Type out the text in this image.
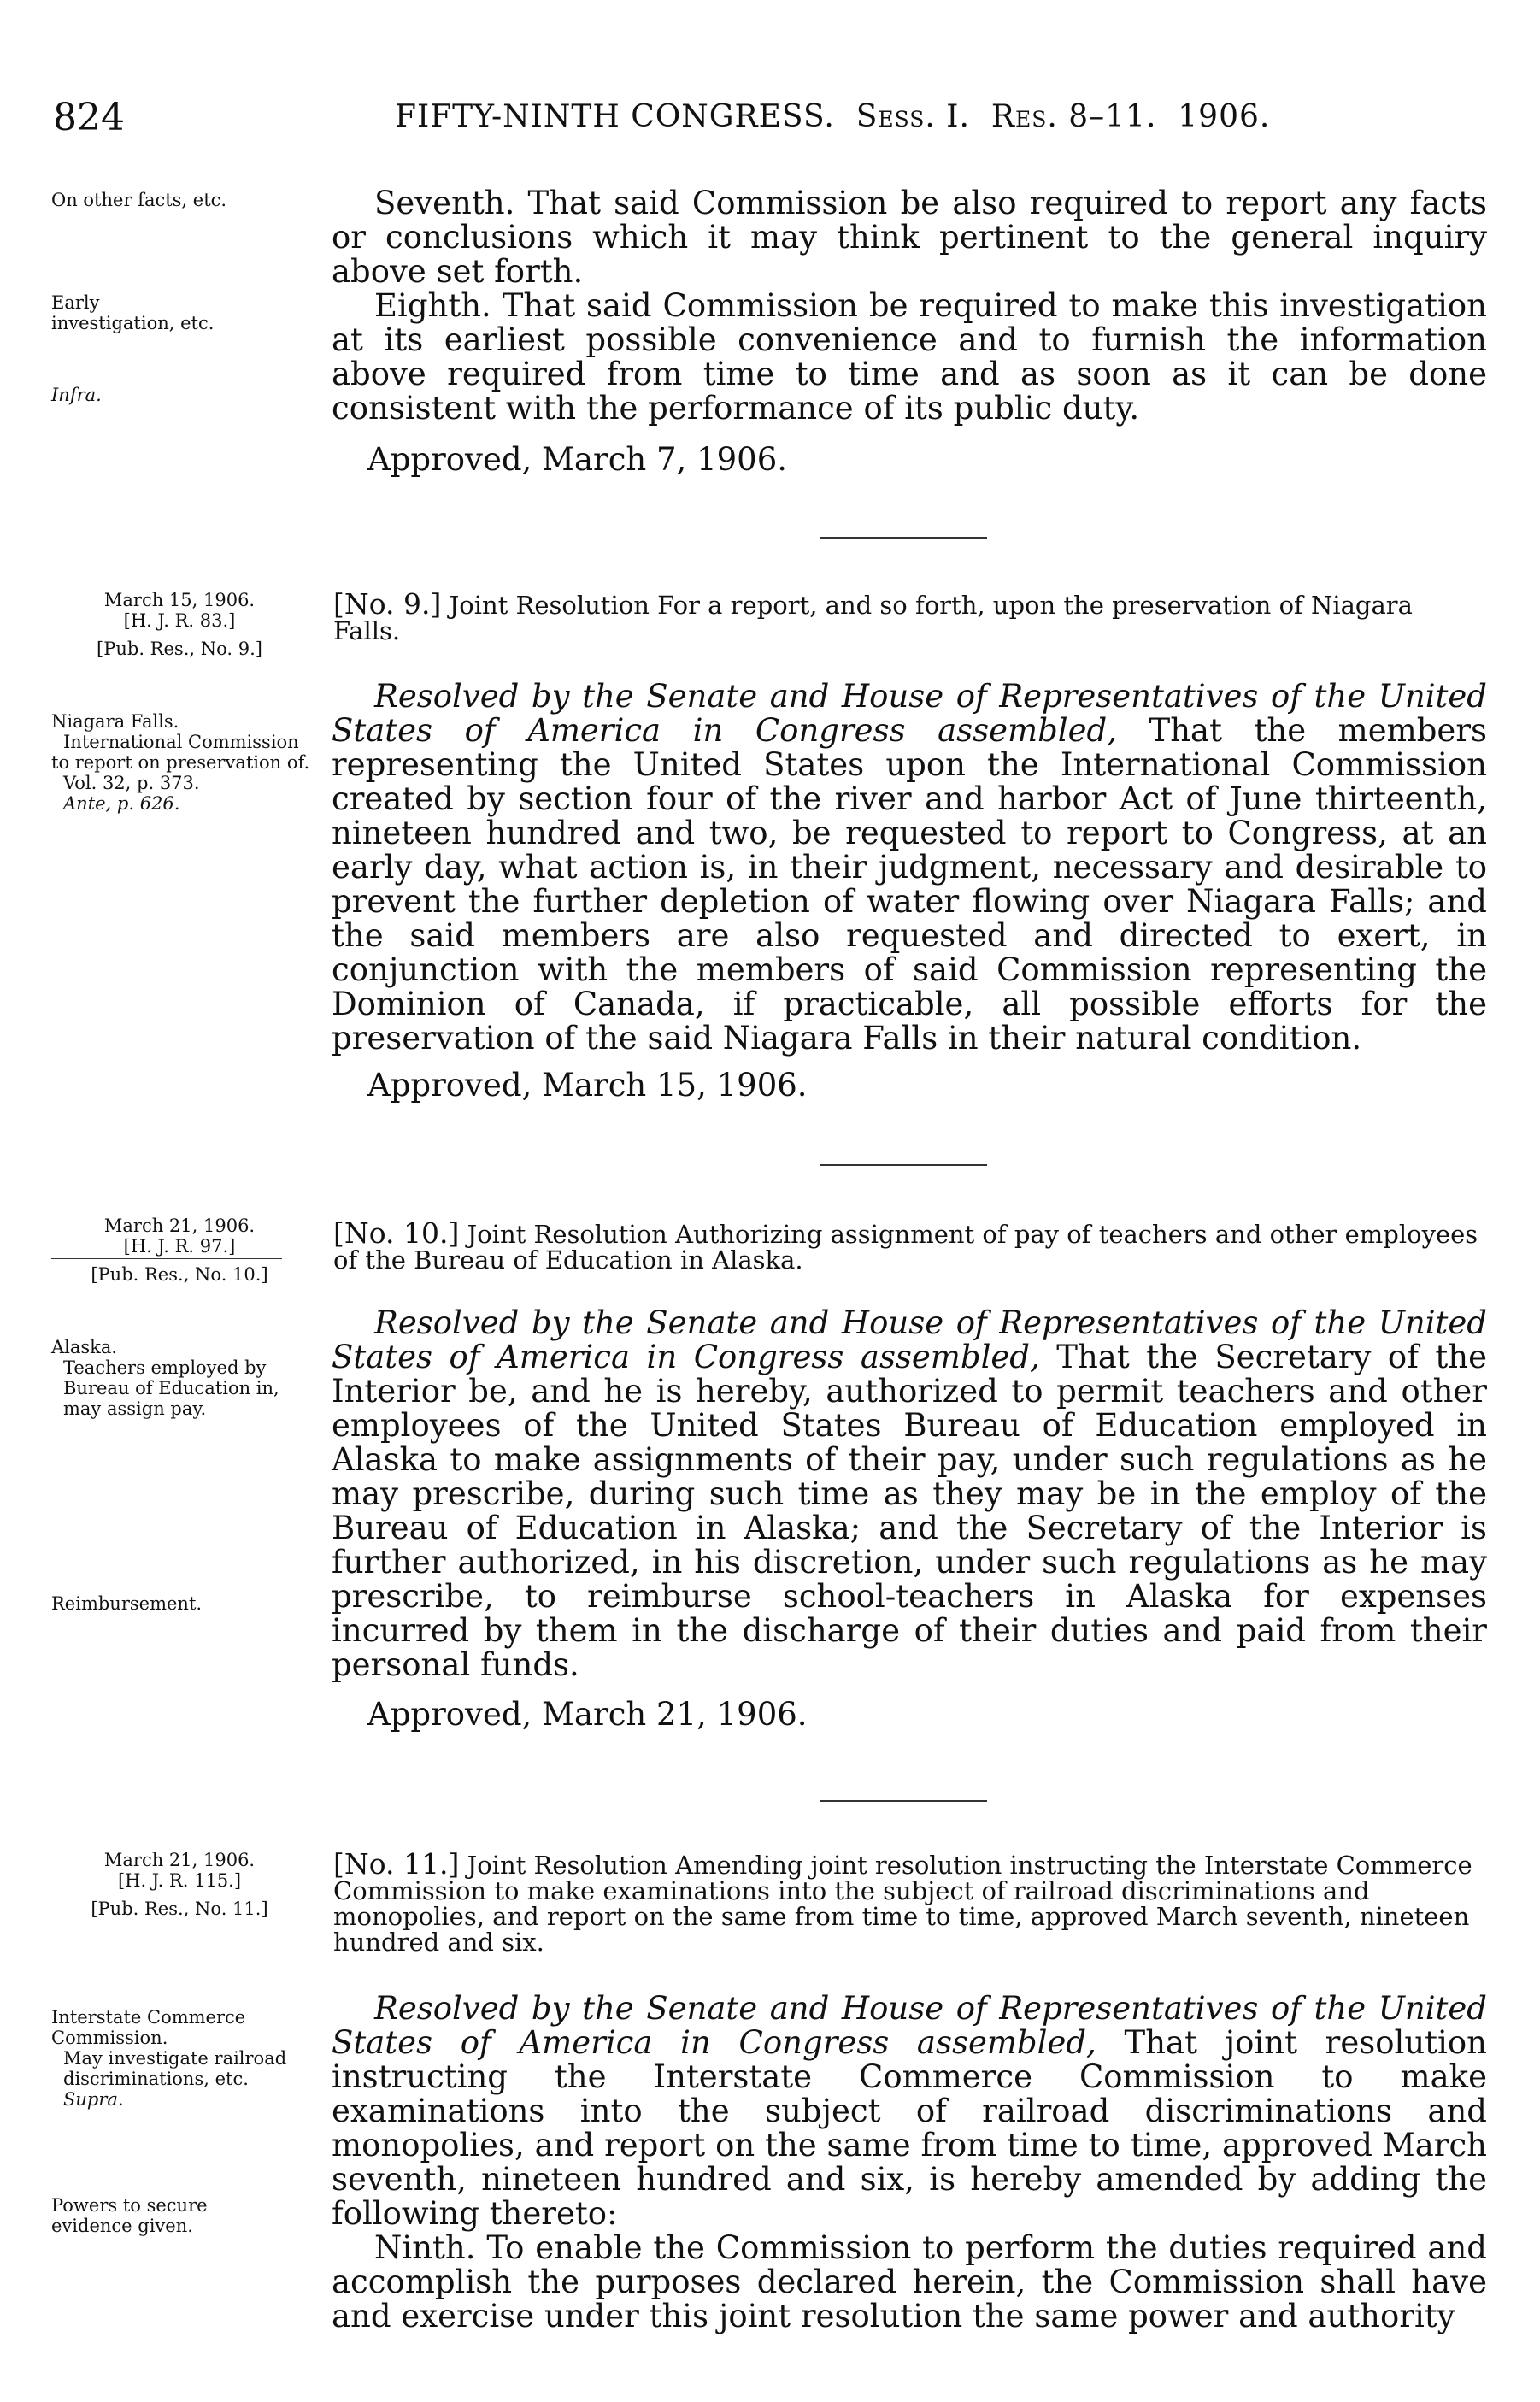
824	FIFTY-NINTH CONGRESS. Sess. I. Res. 8–11. 1906.

On other facts, etc.

Early investigation, etc.

Infra.

Seventh. That said Commission be also required to report any facts or conclusions which it may think pertinent to the general inquiry above set forth.

Eighth. That said Commission be required to make this investigation at its earliest possible convenience and to furnish the information above required from time to time and as soon as it can be done consistent with the performance of its public duty.

Approved, March 7, 1906.

March 15, 1906.

[H. J. R. 83.]

[Pub. Res., No. 9.]

[No. 9.] Joint Resolution For a report, and so forth, upon the preservation of Niagara Falls.

Niagara Falls.

International Commission to report on preservation of.

Vol. 32, p. 373.

Ante, p. 626.

Resolved by the Senate and House of Representatives of the United States of America in Congress assembled, That the members representing the United States upon the International Commission created by section four of the river and harbor Act of June thirteenth, nineteen hundred and two, be requested to report to Congress, at an early day, what action is, in their judgment, necessary and desirable to prevent the further depletion of water flowing over Niagara Falls; and the said members are also requested and directed to exert, in conjunction with the members of said Commission representing the Dominion of Canada, if practicable, all possible efforts for the preservation of the said Niagara Falls in their natural condition.

Approved, March 15, 1906.

March 21, 1906.

[H. J. R. 97.]

[Pub. Res., No. 10.]

[No. 10.] Joint Resolution Authorizing assignment of pay of teachers and other employees of the Bureau of Education in Alaska.

Alaska.

Teachers employed by Bureau of Education in, may assign pay.

Reimbursement.

Resolved by the Senate and House of Representatives of the United States of America in Congress assembled, That the Secretary of the Interior be, and he is hereby, authorized to permit teachers and other employees of the United States Bureau of Education employed in Alaska to make assignments of their pay, under such regulations as he may prescribe, during such time as they may be in the employ of the Bureau of Education in Alaska; and the Secretary of the Interior is further authorized, in his discretion, under such regulations as he may prescribe, to reimburse school-teachers in Alaska for expenses incurred by them in the discharge of their duties and paid from their personal funds.

Approved, March 21, 1906.

March 21, 1906.

[H. J. R. 115.]

[Pub. Res., No. 11.]

[No. 11.] Joint Resolution Amending joint resolution instructing the Interstate Commerce Commission to make examinations into the subject of railroad discriminations and monopolies, and report on the same from time to time, approved March seventh, nineteen hundred and six.

Interstate Commerce Commission.

May investigate railroad discriminations, etc.

Supra.

Powers to secure evidence given.

Resolved by the Senate and House of Representatives of the United States of America in Congress assembled, That joint resolution instructing the Interstate Commerce Commission to make examinations into the subject of railroad discriminations and monopolies, and report on the same from time to time, approved March seventh, nineteen hundred and six, is hereby amended by adding the following thereto:

Ninth. To enable the Commission to perform the duties required and accomplish the purposes declared herein, the Commission shall have and exercise under this joint resolution the same power and authority
